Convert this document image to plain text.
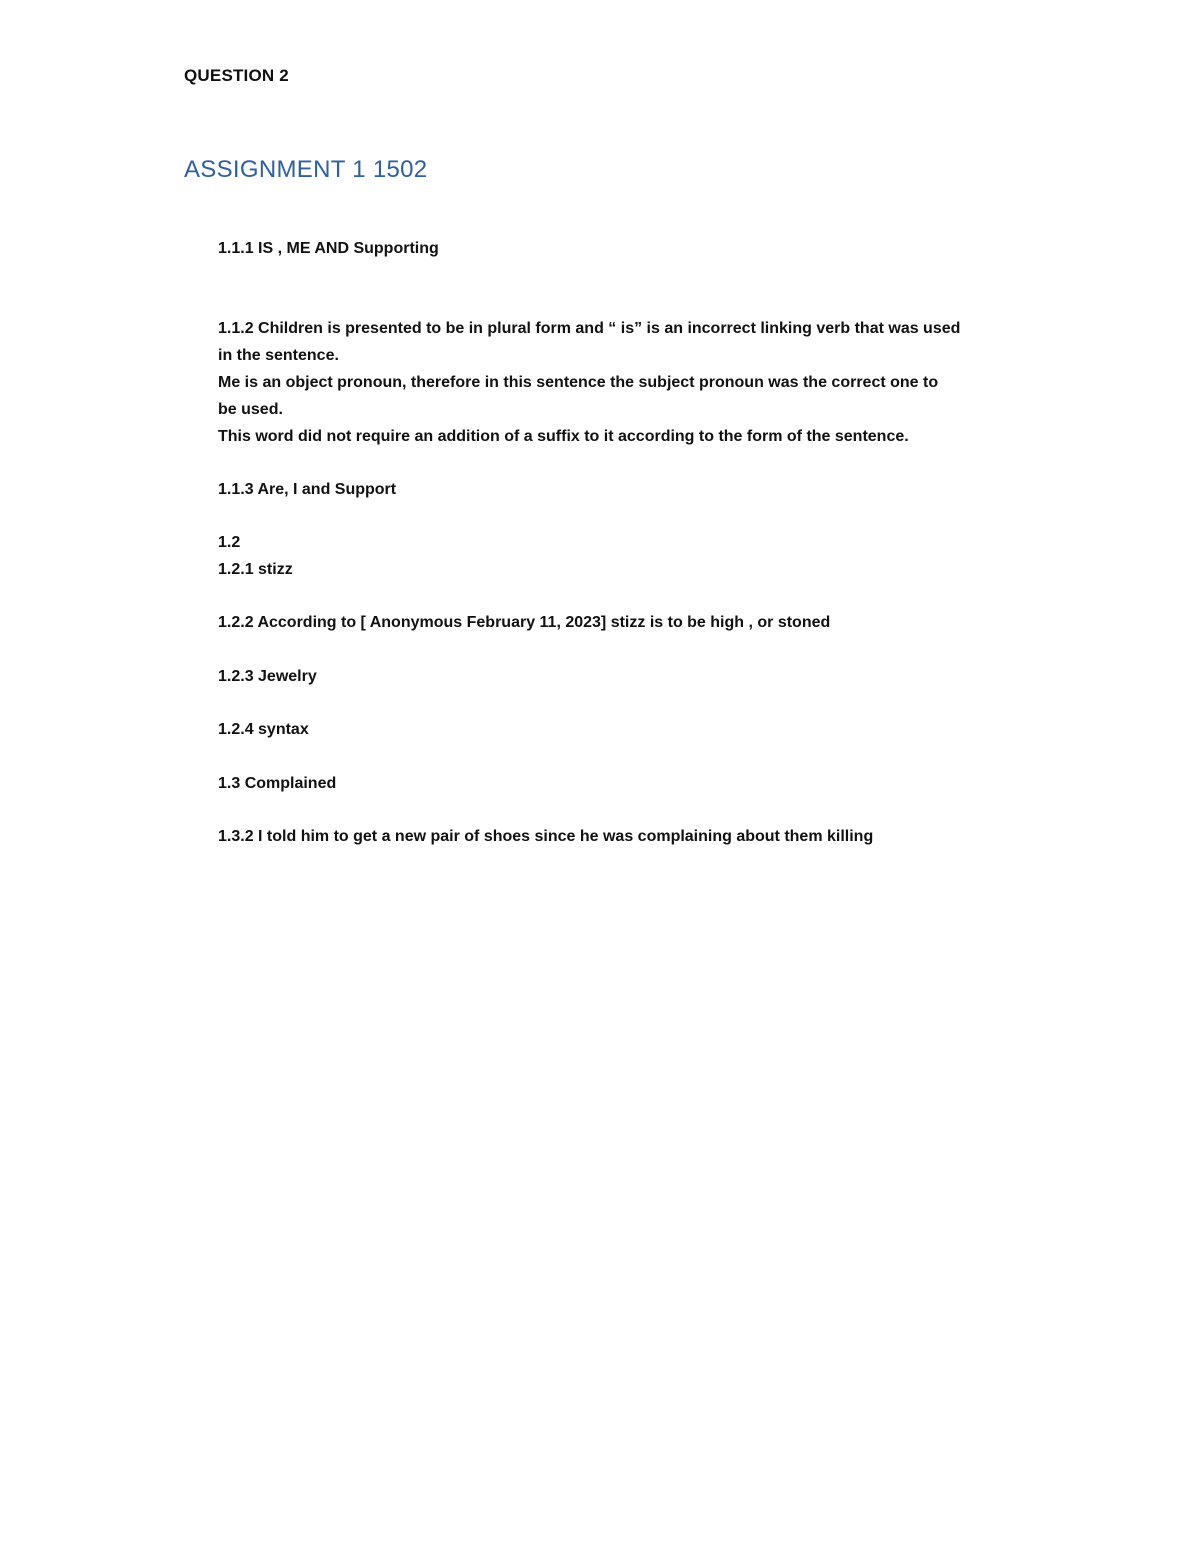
QUESTION 2
ASSIGNMENT 1 1502
1.1.1 IS , ME AND Supporting
1.1.2 Children is presented to be in plural form and “ is” is an incorrect linking verb that was used
in the sentence.
Me is an object pronoun, therefore in this sentence the subject pronoun was the correct one to
be used.
This word did not require an addition of a suffix to it according to the form of the sentence.
1.1.3 Are, I and Support
1.2
1.2.1 stizz
1.2.2 According to [ Anonymous February 11, 2023] stizz is to be high , or stoned
1.2.3 Jewelry
1.2.4 syntax
1.3 Complained
1.3.2 I told him to get a new pair of shoes since he was complaining about them killing
